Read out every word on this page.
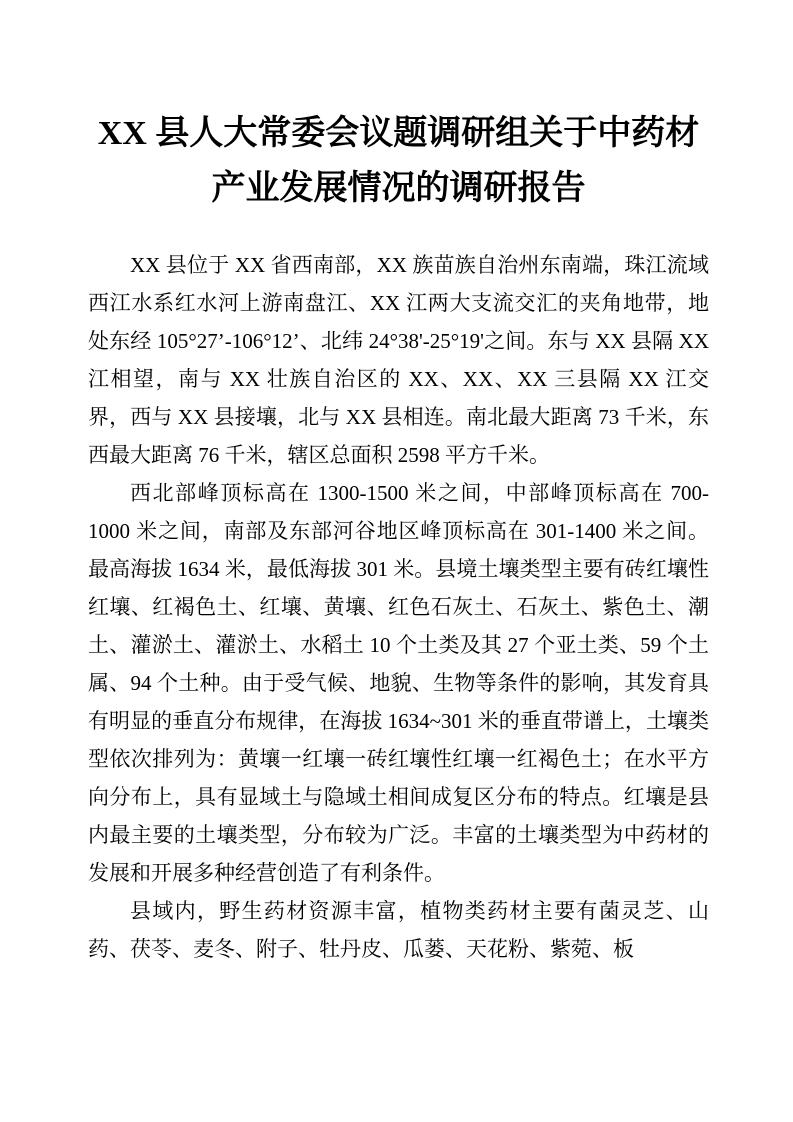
XX 县人大常委会议题调研组关于中药材产业发展情况的调研报告

XX 县位于 XX 省西南部，XX 族苗族自治州东南端，珠江流域西江水系红水河上游南盘江、XX 江两大支流交汇的夹角地带，地处东经 105°27’-106°12’、北纬 24°38'-25°19'之间。东与 XX 县隔 XX 江相望，南与 XX 壮族自治区的 XX、XX、XX 三县隔 XX 江交界，西与 XX 县接壤，北与 XX 县相连。南北最大距离 73 千米，东西最大距离 76 千米，辖区总面积 2598 平方千米。

西北部峰顶标高在 1300-1500 米之间，中部峰顶标高在 700-1000 米之间，南部及东部河谷地区峰顶标高在 301-1400 米之间。最高海拔 1634 米，最低海拔 301 米。县境土壤类型主要有砖红壤性红壤、红褐色土、红壤、黄壤、红色石灰土、石灰土、紫色土、潮土、灌淤土、灌淤土、水稻土 10 个土类及其 27 个亚土类、59 个土属、94 个土种。由于受气候、地貌、生物等条件的影响，其发育具有明显的垂直分布规律，在海拔 1634~301 米的垂直带谱上，土壤类型依次排列为：黄壤一红壤一砖红壤性红壤一红褐色土；在水平方向分布上，具有显域土与隐域土相间成复区分布的特点。红壤是县内最主要的土壤类型，分布较为广泛。丰富的土壤类型为中药材的发展和开展多种经营创造了有利条件。

县域内，野生药材资源丰富，植物类药材主要有菌灵芝、山药、茯苓、麦冬、附子、牡丹皮、瓜蒌、天花粉、紫菀、板
